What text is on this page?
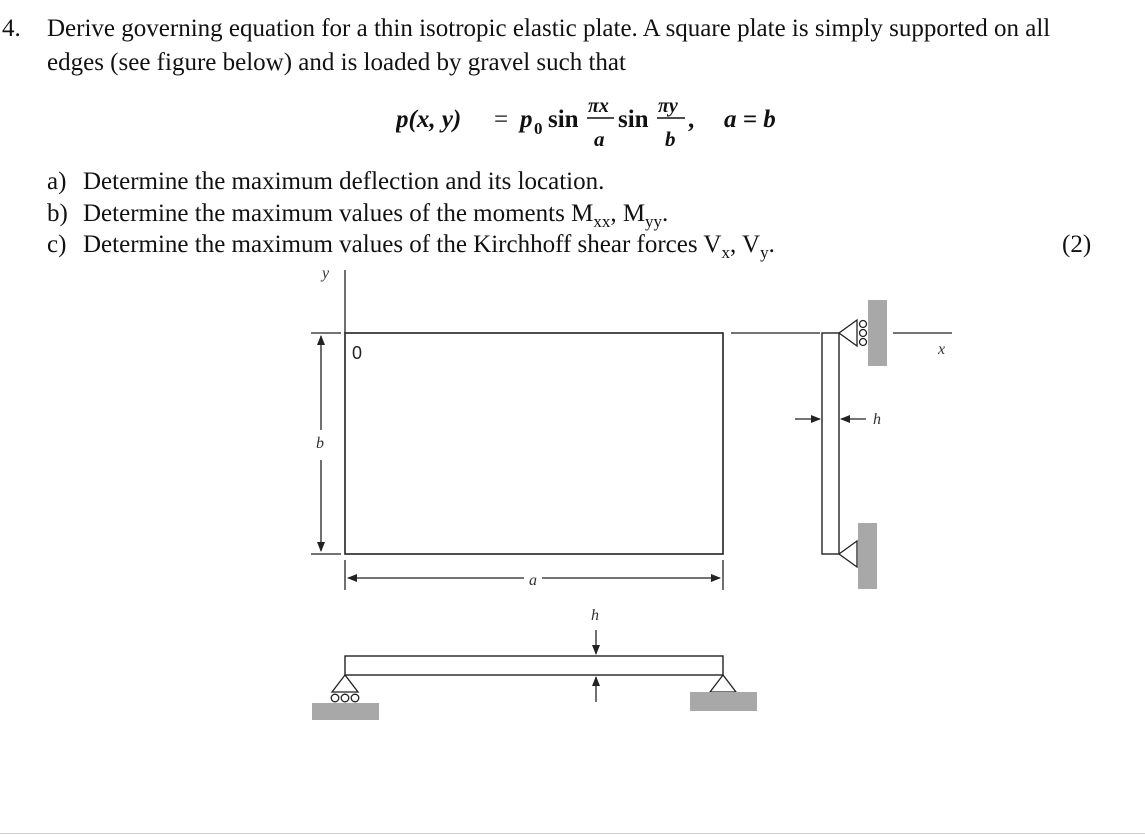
4. Derive governing equation for a thin isotropic elastic plate. A square plate is simply supported on all
edges (see figure below) and is loaded by gravel such that
p(x, y) = p 0 sin πx
a
sin πy
b
, a = b
a) Determine the maximum deflection and its location.
b) Determine the maximum values of the moments $M_{xx}$, $M_{yy}$.
c) Determine the maximum values of the Kirchhoff shear forces $V_x$, $V_y$.	(2)
y
x
b
a
h
h
0
